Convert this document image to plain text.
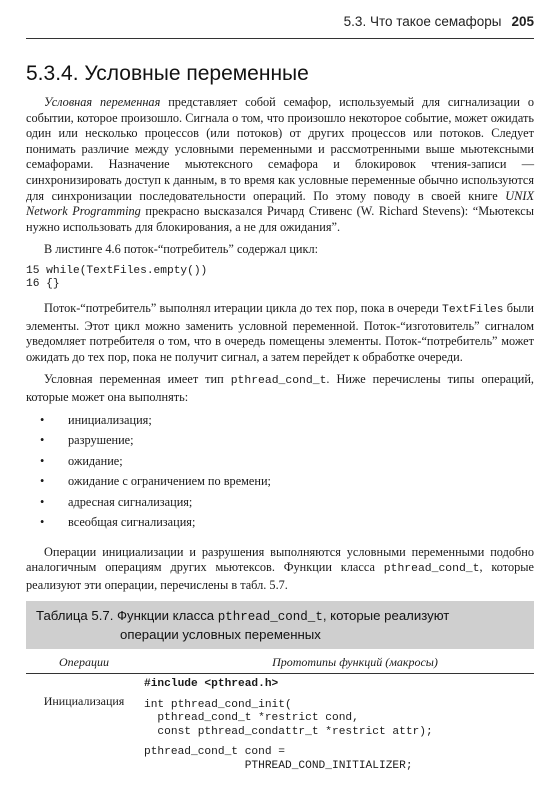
5.3. Что такое семафоры 205
5.3.4. Условные переменные

Условная переменная представляет собой семафор, используемый для сигнализации о событии, которое произошло. Сигнала о том, что произошло некоторое событие, может ожидать один или несколько процессов (или потоков) от других процессов или потоков. Следует понимать различие между условными переменными и рассмотренными выше мьютексными семафорами. Назначение мьютексного семафора и блокировок чтения-записи — синхронизировать доступ к данным, в то время как условные переменные обычно используются для синхронизации последовательности операций. По этому поводу в своей книге UNIX Network Programming прекрасно высказался Ричард Стивенс (W. Richard Stevens): “Мьютексы нужно использовать для блокирования, а не для ожидания”.

В листинге 4.6 поток-“потребитель” содержал цикл:

15 while(TextFiles.empty())
16 {}

Поток-“потребитель” выполнял итерации цикла до тех пор, пока в очереди TextFiles были элементы. Этот цикл можно заменить условной переменной. Поток-“изготовитель” сигналом уведомляет потребителя о том, что в очередь помещены элементы. Поток-“потребитель” может ожидать до тех пор, пока не получит сигнал, а затем перейдет к обработке очереди.

Условная переменная имеет тип pthread_cond_t. Ниже перечислены типы операций, которые может она выполнять:

• инициализация;
• разрушение;
• ожидание;
• ожидание с ограничением по времени;
• адресная сигнализация;
• всеобщая сигнализация;

Операции инициализации и разрушения выполняются условными переменными подобно аналогичным операциям других мьютексов. Функции класса pthread_cond_t, которые реализуют эти операции, перечислены в табл. 5.7.

Таблица 5.7. Функции класса pthread_cond_t, которые реализуют
операции условных переменных
Операции	Прототипы функций (макросы)
Инициализация
#include <pthread.h>
int pthread_cond_init(
pthread_cond_t *restrict cond,
const pthread_condattr_t *restrict attr);
pthread_cond_t cond =
PTHREAD_COND_INITIALIZER;
